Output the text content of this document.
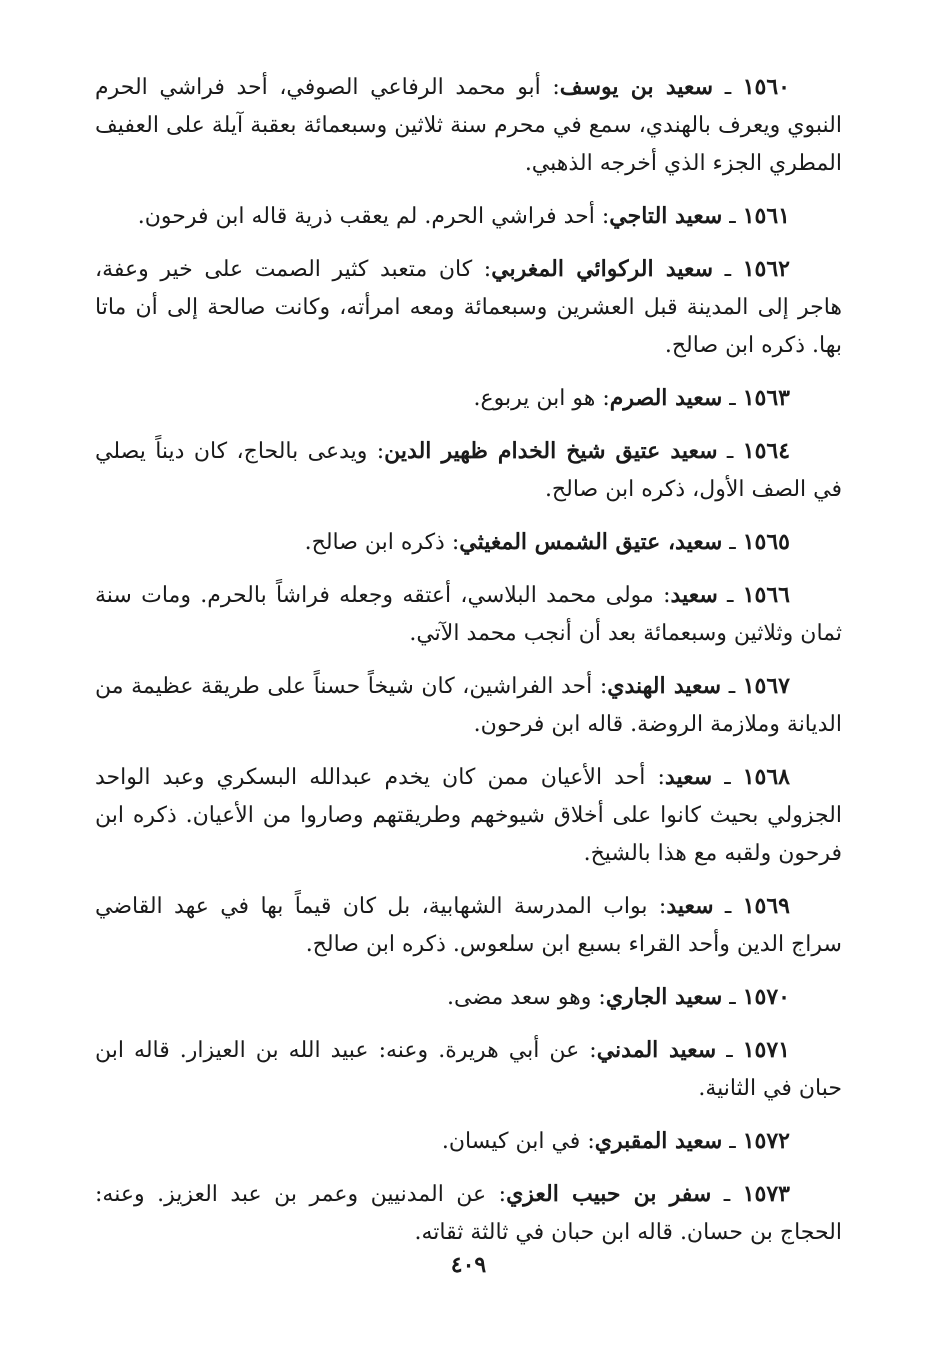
١٥٦٠ ـ سعيد بن يوسف: أبو محمد الرفاعي الصوفي، أحد فراشي الحرم النبوي ويعرف بالهندي، سمع في محرم سنة ثلاثين وسبعمائة بعقبة آيلة على العفيف المطري الجزء الذي أخرجه الذهبي.

١٥٦١ ـ سعيد التاجي: أحد فراشي الحرم. لم يعقب ذرية قاله ابن فرحون.

١٥٦٢ ـ سعيد الركوائي المغربي: كان متعبد كثير الصمت على خير وعفة، هاجر إلى المدينة قبل العشرين وسبعمائة ومعه امرأته، وكانت صالحة إلى أن ماتا بها. ذكره ابن صالح.

١٥٦٣ ـ سعيد الصرم: هو ابن يربوع.

١٥٦٤ ـ سعيد عتيق شيخ الخدام ظهير الدين: ويدعى بالحاج، كان ديناً يصلي في الصف الأول، ذكره ابن صالح.

١٥٦٥ ـ سعيد، عتيق الشمس المغيثي: ذكره ابن صالح.

١٥٦٦ ـ سعيد: مولى محمد البلاسي، أعتقه وجعله فراشاً بالحرم. ومات سنة ثمان وثلاثين وسبعمائة بعد أن أنجب محمد الآتي.

١٥٦٧ ـ سعيد الهندي: أحد الفراشين، كان شيخاً حسناً على طريقة عظيمة من الديانة وملازمة الروضة. قاله ابن فرحون.

١٥٦٨ ـ سعيد: أحد الأعيان ممن كان يخدم عبدالله البسكري وعبد الواحد الجزولي بحيث كانوا على أخلاق شيوخهم وطريقتهم وصاروا من الأعيان. ذكره ابن فرحون ولقبه مع هذا بالشيخ.

١٥٦٩ ـ سعيد: بواب المدرسة الشهابية، بل كان قيماً بها في عهد القاضي سراج الدين وأحد القراء بسبع ابن سلعوس. ذكره ابن صالح.

١٥٧٠ ـ سعيد الجاري: وهو سعد مضى.

١٥٧١ ـ سعيد المدني: عن أبي هريرة. وعنه: عبيد الله بن العيزار. قاله ابن حبان في الثانية.

١٥٧٢ ـ سعيد المقبري: في ابن كيسان.

١٥٧٣ ـ سفر بن حبيب العزي: عن المدنيين وعمر بن عبد العزيز. وعنه: الحجاج بن حسان. قاله ابن حبان في ثالثة ثقاته.

٤٠٩
